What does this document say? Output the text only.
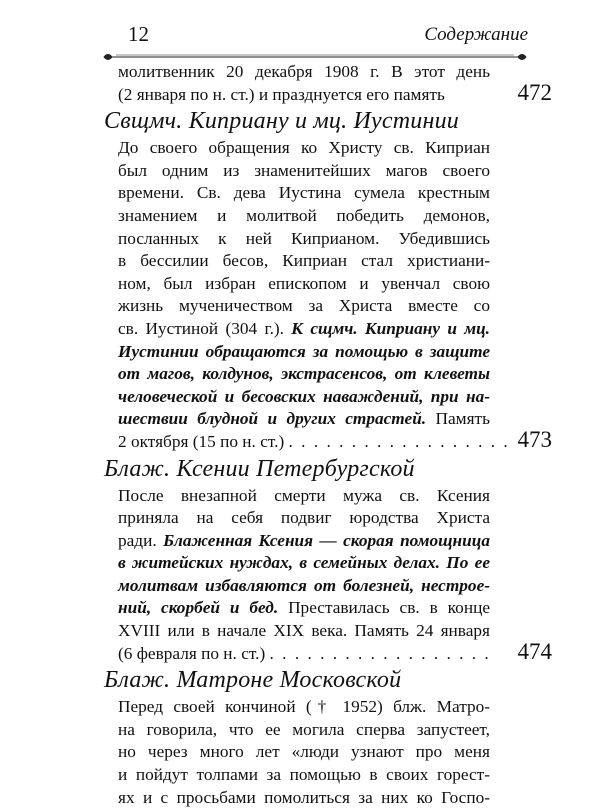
12	Содержание
молитвенник 20 декабря 1908 г. В этот день
(2 января по н. ст.) и празднуется его память	472
Свщмч. Киприану и мц. Иустинии
До своего обращения ко Христу св. Киприан
был одним из знаменитейших магов своего
времени. Св. дева Иустина сумела крестным
знамением и молитвой победить демонов,
посланных к ней Киприаном. Убедившись
в бессилии бесов, Киприан стал христиани-
ном, был избран епископом и увенчал свою
жизнь мученичеством за Христа вместе со
св. Иустиной (304 г.). К сщмч. Киприану и мц.
Иустинии обращаются за помощью в защите
от магов, колдунов, экстрасенсов, от клеветы
человеческой и бесовских наваждений, при на-
шествии блудной и других страстей. Память
2 октября (15 по н. ст.) . . . . . . . . . . . . . . . . . . 473
Блаж. Ксении Петербургской
После внезапной смерти мужа св. Ксения
приняла на себя подвиг юродства Христа
ради. Блаженная Ксения — скорая помощница
в житейских нуждах, в семейных делах. По ее
молитвам избавляются от болезней, нестрое-
ний, скорбей и бед. Преставилась св. в конце
XVIII или в начале XIX века. Память 24 января
(6 февраля по н. ст.) . . . . . . . . . . . . . . . . . . 474
Блаж. Матроне Московской
Перед своей кончиной († 1952) блж. Матро-
на говорила, что ее могила сперва запустеет,
но через много лет «люди узнают про меня
и пойдут толпами за помощью в своих горест-
ях и с просьбами помолиться за них ко Госпо-
